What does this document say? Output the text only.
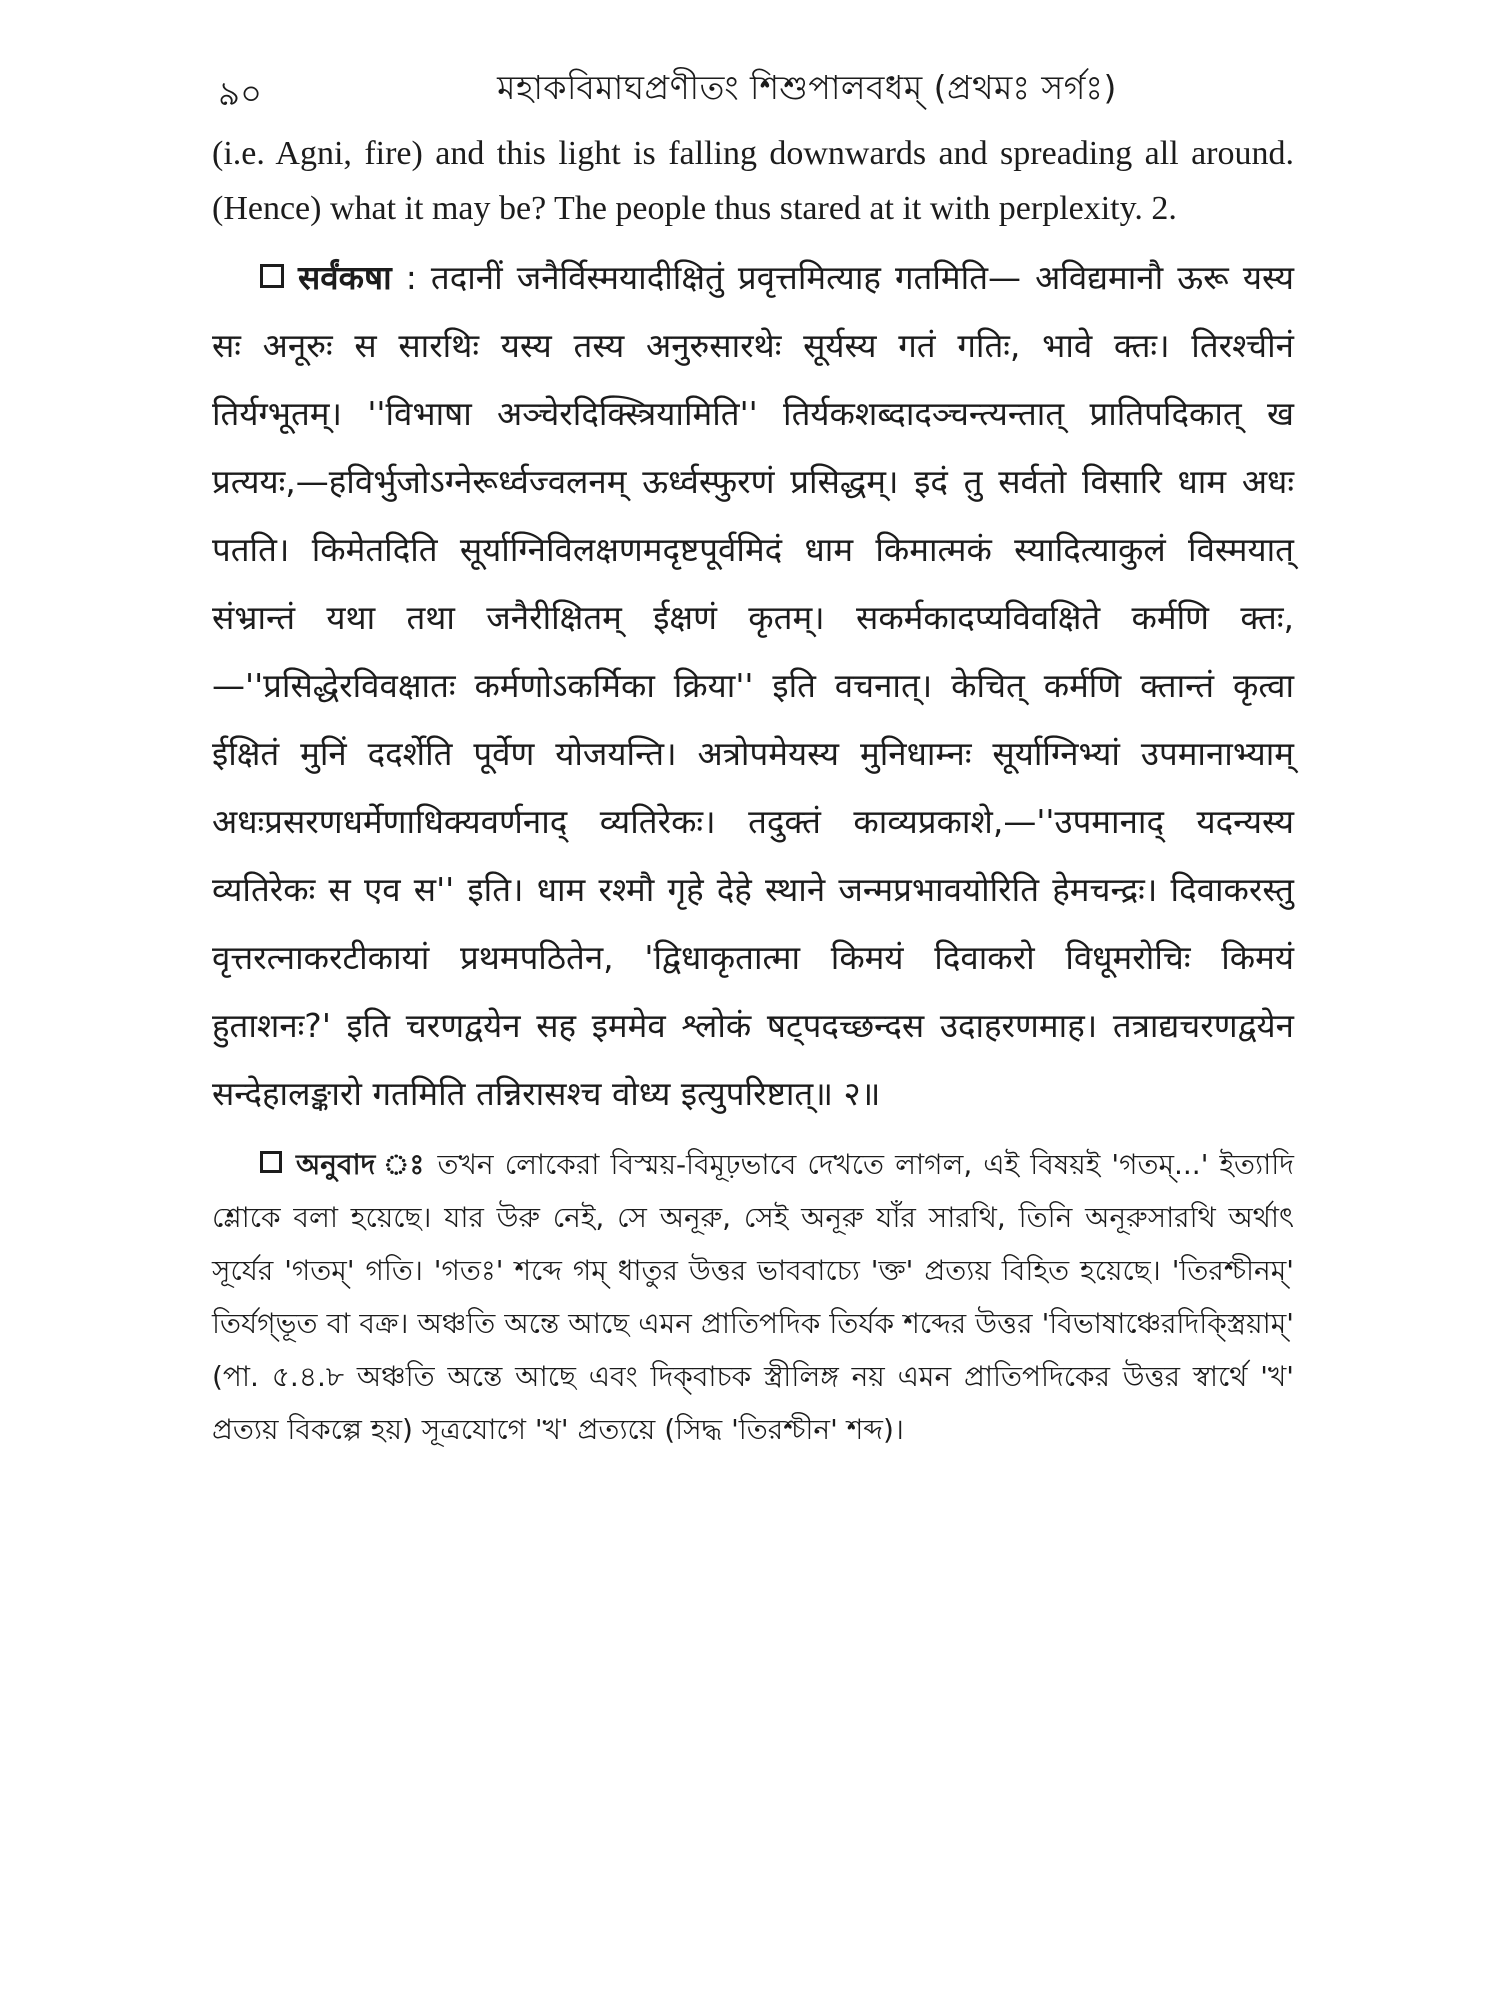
৯০	মহাকবিমাঘপ্রণীতং শিশুপালবধম্ (প্রথমঃ সর্গঃ)

(i.e. Agni, fire) and this light is falling downwards and spreading all around. (Hence) what it may be? The people thus stared at it with perplexity. 2.

सर्वंकषा : तदानीं जनैर्विस्मयादीक्षितुं प्रवृत्तमित्याह गतमिति— अविद्यमानौ ऊरू यस्य सः अनूरुः स सारथिः यस्य तस्य अनुरुसारथेः सूर्यस्य गतं गतिः, भावे क्तः। तिरश्चीनं तिर्यग्भूतम्। ''विभाषा अञ्चेरदिक्स्त्रियामिति'' तिर्यकशब्दादञ्चन्त्यन्तात् प्रातिपदिकात् ख प्रत्ययः,—हविर्भुजोऽग्नेरूर्ध्वज्वलनम् ऊर्ध्वस्फुरणं प्रसिद्धम्। इदं तु सर्वतो विसारि धाम अधः पतति। किमेतदिति सूर्याग्निविलक्षणमदृष्टपूर्वमिदं धाम किमात्मकं स्यादित्याकुलं विस्मयात् संभ्रान्तं यथा तथा जनैरीक्षितम् ईक्षणं कृतम्। सकर्मकादप्यविवक्षिते कर्मणि क्तः,—''प्रसिद्धेरविवक्षातः कर्मणोऽकर्मिका क्रिया'' इति वचनात्। केचित् कर्मणि क्तान्तं कृत्वा ईक्षितं मुनिं ददर्शेति पूर्वेण योजयन्ति। अत्रोपमेयस्य मुनिधाम्नः सूर्याग्निभ्यां उपमानाभ्याम् अधःप्रसरणधर्मेणाधिक्यवर्णनाद् व्यतिरेकः। तदुक्तं काव्यप्रकाशे,—''उपमानाद् यदन्यस्य व्यतिरेकः स एव स'' इति। धाम रश्मौ गृहे देहे स्थाने जन्मप्रभावयोरिति हेमचन्द्रः। दिवाकरस्तु वृत्तरत्नाकरटीकायां प्रथमपठितेन, 'द्विधाकृतात्मा किमयं दिवाकरो विधूमरोचिः किमयं हुताशनः?' इति चरणद्वयेन सह इममेव श्लोकं षट्पदच्छन्दस उदाहरणमाह। तत्राद्यचरणद्वयेन सन्देहालङ्कारो गतमिति तन्निरासश्च वोध्य इत्युपरिष्टात्॥ २॥

অনুবাদ ঃ তখন লোকেরা বিস্ময়-বিমূঢ়ভাবে দেখতে লাগল, এই বিষয়ই 'গতম্...' ইত্যাদি শ্লোকে বলা হয়েছে। যার উরু নেই, সে অনূরু, সেই অনূরু যাঁর সারথি, তিনি অনূরুসারথি অর্থাৎ সূর্যের 'গতম্' গতি। 'গতঃ' শব্দে গম্ ধাতুর উত্তর ভাববাচ্যে 'ক্ত' প্রত্যয় বিহিত হয়েছে। 'তিরশ্চীনম্' তির্যগ্ভূত বা বক্র। অঞ্চতি অন্তে আছে এমন প্রাতিপদিক তির্যক শব্দের উত্তর 'বিভাষাঞ্চেরদিক্স্ত্রিয়াম্' (পা. ৫.৪.৮ অঞ্চতি অন্তে আছে এবং দিক্‌বাচক স্ত্রীলিঙ্গ নয় এমন প্রাতিপদিকের উত্তর স্বার্থে 'খ' প্রত্যয় বিকল্পে হয়) সূত্রযোগে 'খ' প্রত্যয়ে (সিদ্ধ 'তিরশ্চীন' শব্দ)।
